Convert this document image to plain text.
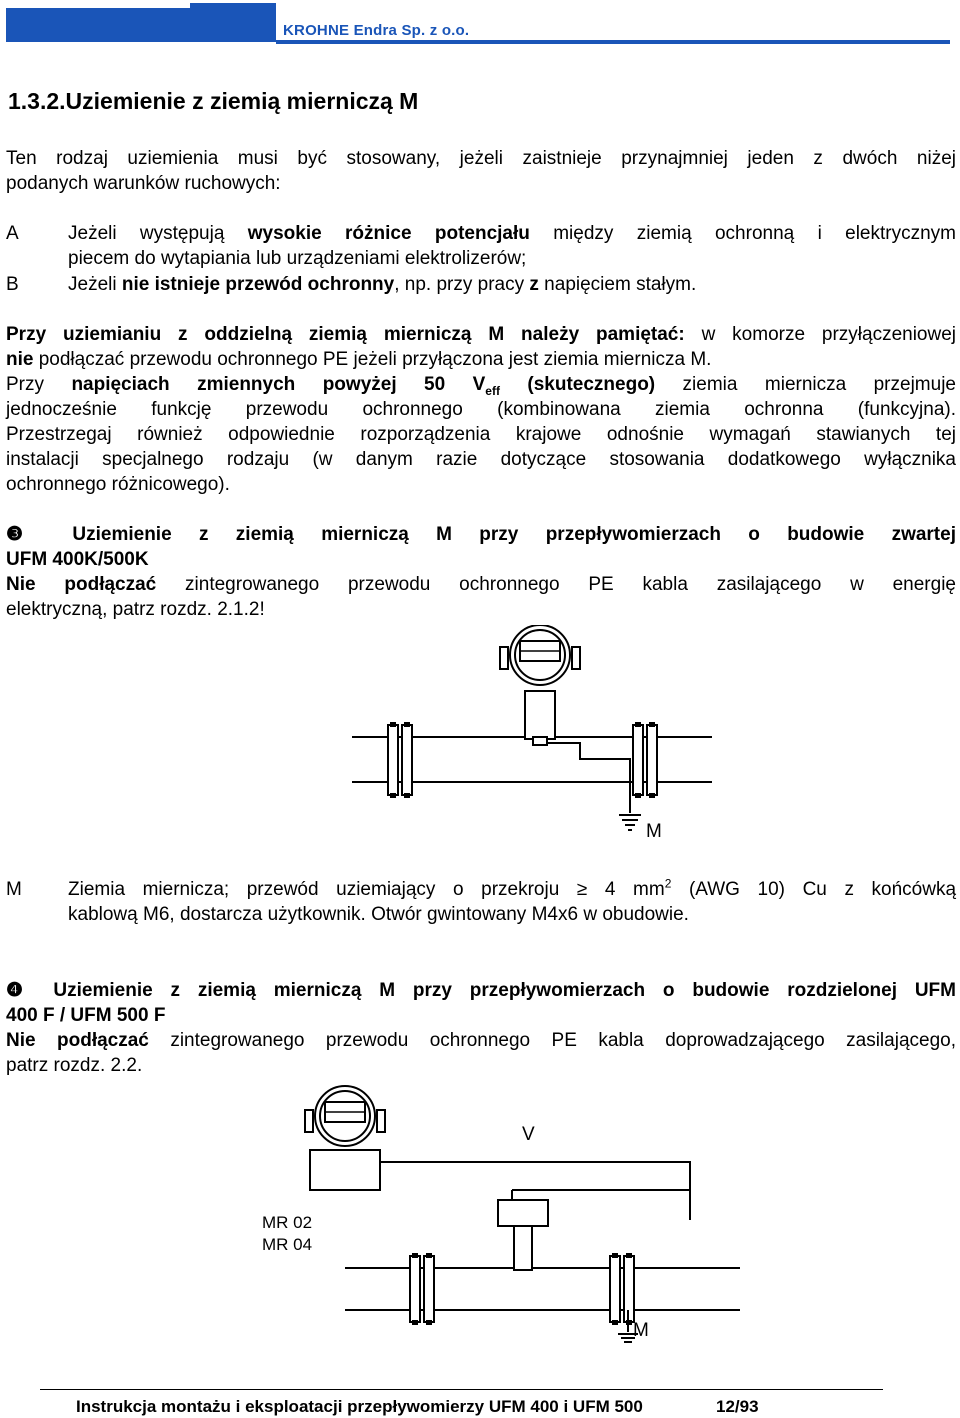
KROHNE Endra Sp. z o.o.
1.3.2.Uziemienie z ziemią mierniczą M
Ten rodzaj uziemienia musi być stosowany, jeżeli zaistnieje przynajmniej jeden z dwóch niżej
podanych warunków ruchowych:
A	Jeżeli występują wysokie różnice potencjału między ziemią ochronną i elektrycznym
piecem do wytapiania lub urządzeniami elektrolizerów;
B	Jeżeli nie istnieje przewód ochronny, np. przy pracy z napięciem stałym.
Przy uziemianiu z oddzielną ziemią mierniczą M należy pamiętać: w komorze przyłączeniowej
nie podłączać przewodu ochronnego PE jeżeli przyłączona jest ziemia miernicza M.
Przy napięciach zmiennych powyżej 50 $V_{eff}$ (skutecznego) ziemia miernicza przejmuje
jednocześnie funkcję przewodu ochronnego (kombinowana ziemia ochronna (funkcyjna).
Przestrzegaj również odpowiednie rozporządzenia krajowe odnośnie wymagań stawianych tej
instalacji specjalnego rodzaju (w danym razie dotyczące stosowania dodatkowego wyłącznika
ochronnego różnicowego).
❸ Uziemienie z ziemią mierniczą M przy przepływomierzach o budowie zwartej
UFM 400K/500K
Nie podłączać zintegrowanego przewodu ochronnego PE kabla zasilającego w energię
elektryczną, patrz rozdz. 2.1.2!
M
M Ziemia miernicza; przewód uziemiający o przekroju ≥ 4 $mm^2$ (AWG 10) Cu z końcówką
kablową M6, dostarcza użytkownik. Otwór gwintowany M4x6 w obudowie.
❹ Uziemienie z ziemią mierniczą M przy przepływomierzach o budowie rozdzielonej UFM
400 F / UFM 500 F
Nie podłączać zintegrowanego przewodu ochronnego PE kabla doprowadzającego zasilającego,
patrz rozdz. 2.2.
V
M
MR 02
MR 04
Instrukcja montażu i eksploatacji przepływomierzy UFM 400 i UFM 500	12/93
